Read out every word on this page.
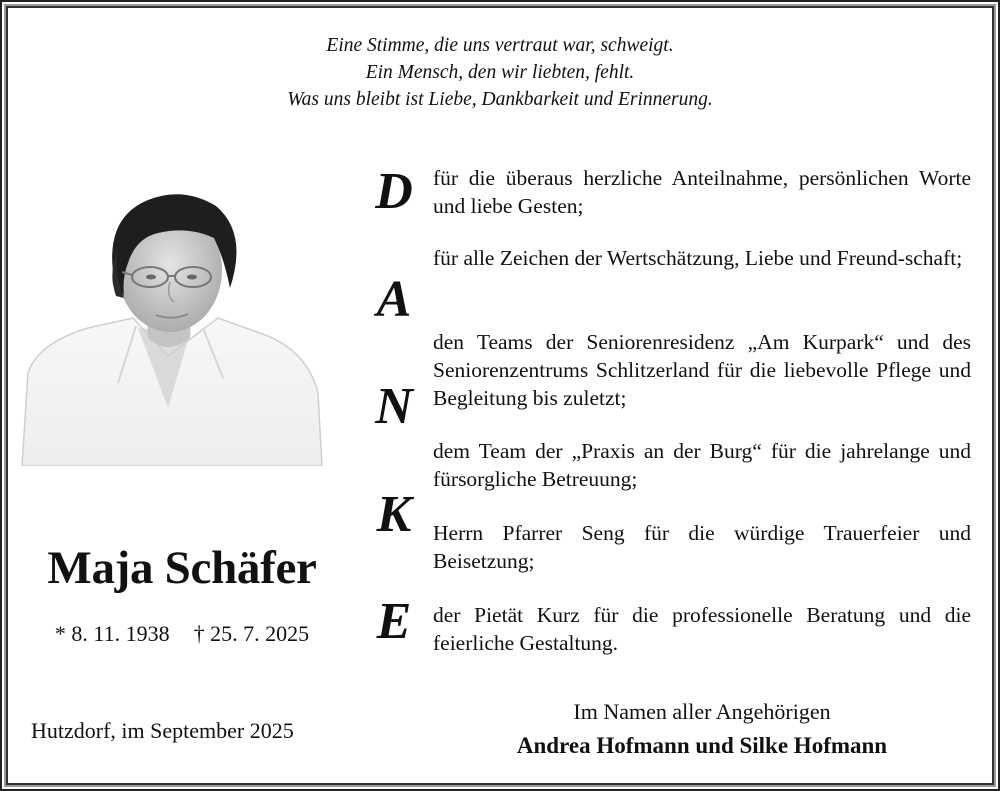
Eine Stimme, die uns vertraut war, schweigt.
Ein Mensch, den wir liebten, fehlt.
Was uns bleibt ist Liebe, Dankbarkeit und Erinnerung.
Maja Schäfer
* 8. 11. 1938 † 25. 7. 2025
Hutzdorf, im September 2025
D
A
N
K
E
für die überaus herzliche Anteilnahme, persönlichen Worte und liebe Gesten;
für alle Zeichen der Wertschätzung, Liebe und Freund-schaft;
den Teams der Seniorenresidenz „Am Kurpark“ und des Seniorenzentrums Schlitzerland für die liebevolle Pflege und Begleitung bis zuletzt;
dem Team der „Praxis an der Burg“ für die jahrelange und fürsorgliche Betreuung;
Herrn Pfarrer Seng für die würdige Trauerfeier und Beisetzung;
der Pietät Kurz für die professionelle Beratung und die feierliche Gestaltung.
Im Namen aller Angehörigen
Andrea Hofmann und Silke Hofmann
